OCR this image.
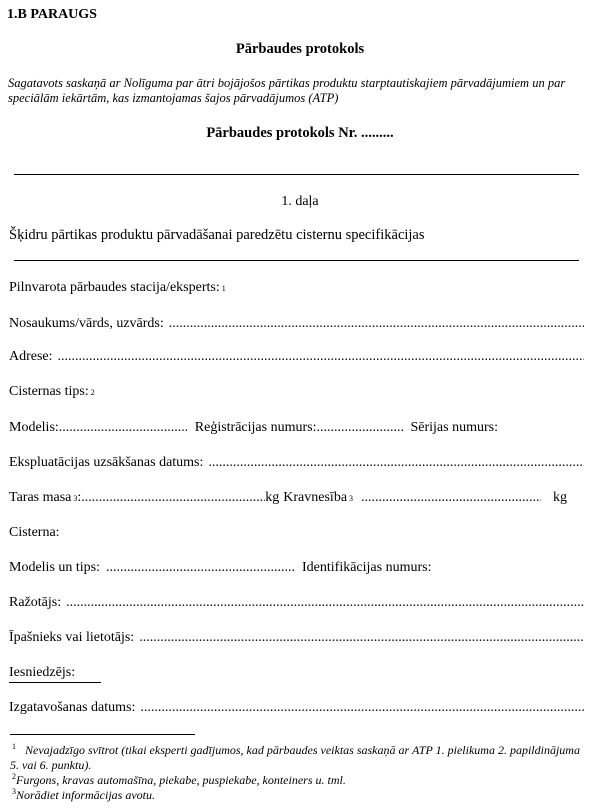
1.B PARAUGS
Pārbaudes protokols
Sagatavots saskaņā ar Nolīguma par ātri bojājošos pārtikas produktu starptautiskajiem pārvadājumiem un par speciālām iekārtām, kas izmantojamas šajos pārvadājumos (ATP)
Pārbaudes protokols Nr. .........
1. daļa
Šķidru pārtikas produktu pārvadāšanai paredzētu cisternu specifikācijas
Pilnvarota pārbaudes stacija/eksperts: 1
Nosaukums/vārds, uzvārds:
.....
Adrese:
.....
Cisternas tips: 2
Modelis: .....	Reģistrācijas numurs: .....	Sērijas numurs:
Ekspluatācijas uzsākšanas datums:
.....
Taras masa 3 : .....	kg Kravnesība 3 .....	kg
Cisterna:
Modelis un tips: .....	Identifikācijas numurs:
Ražotājs:
.....
Īpašnieks vai lietotājs:
.....
Iesniedzējs:
Izgatavošanas datums:
.....
$^1$ Nevajadzīgo svītrot (tikai eksperti gadījumos, kad pārbaudes veiktas saskaņā ar ATP 1. pielikuma 2. papildinājuma 5. vai 6. punktu).
$^2$Furgons, kravas automašīna, piekabe, puspiekabe, konteiners u. tml.
$^3$Norādiet informācijas avotu.
